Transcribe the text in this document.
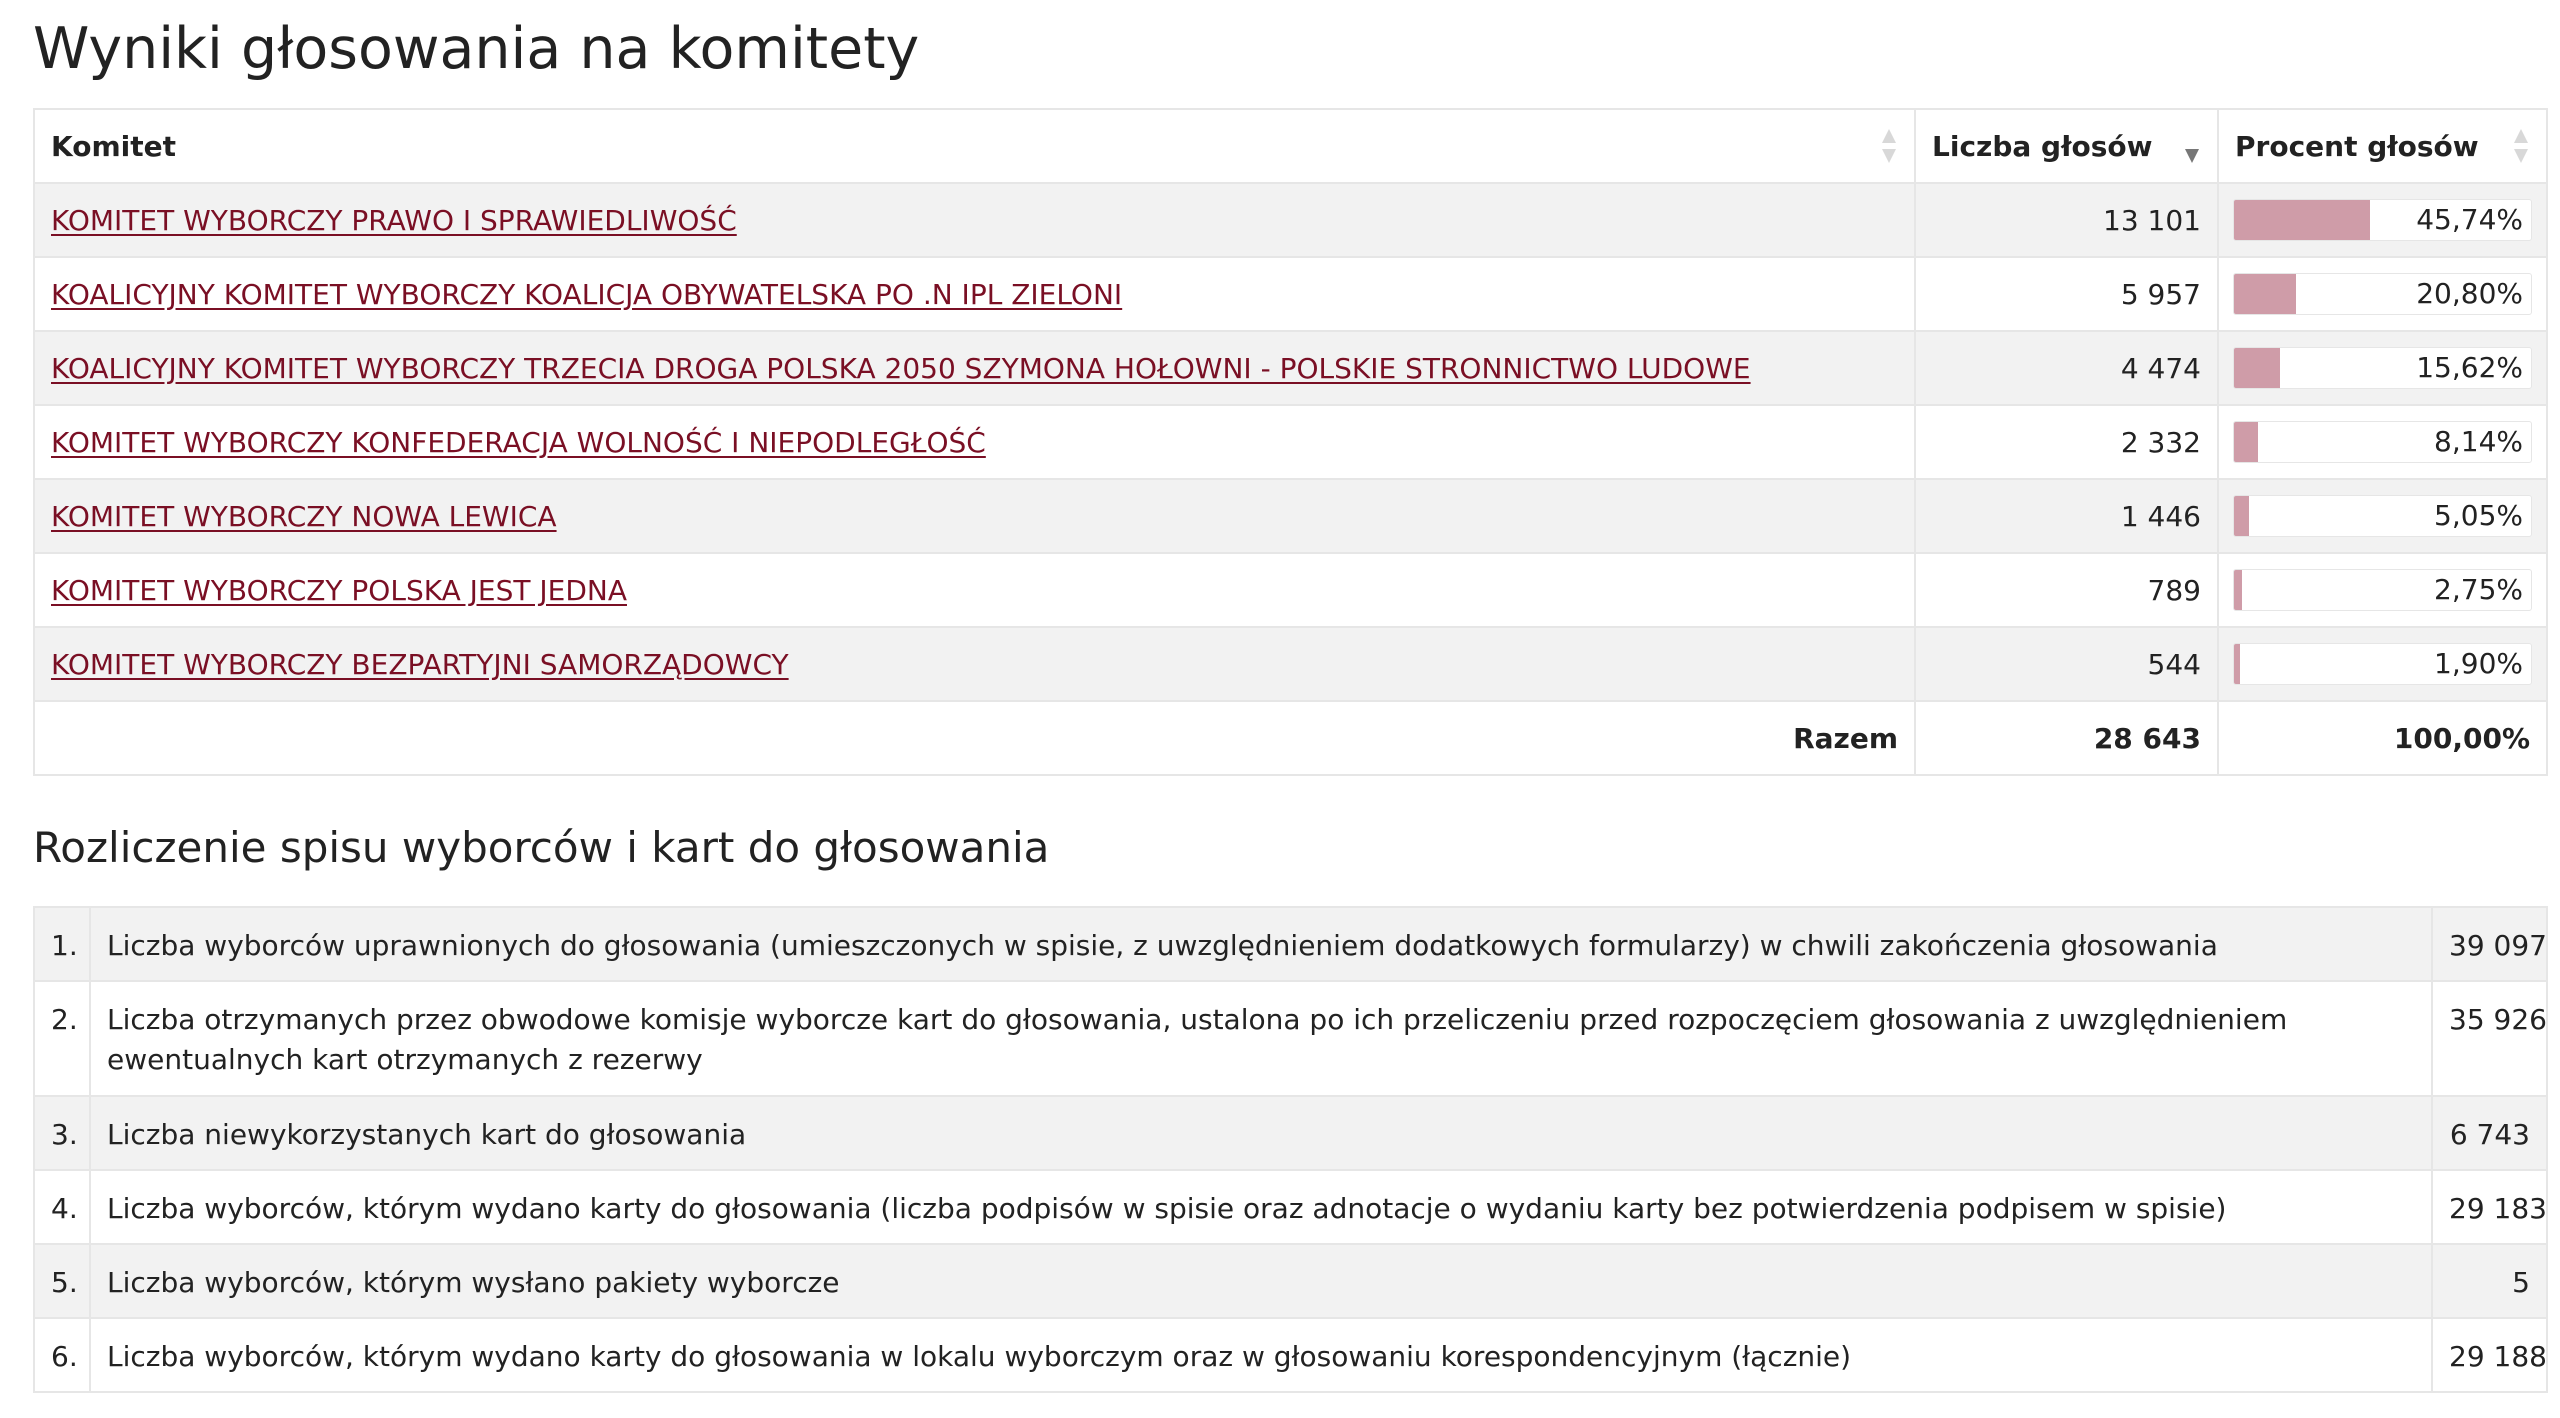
Wyniki głosowania na komitety
Komitet	Liczba głosów	Procent głosów

KOMITET WYBORCZY PRAWO I SPRAWIEDLIWOŚĆ	13 101	45,74%

KOALICYJNY KOMITET WYBORCZY KOALICJA OBYWATELSKA PO .N IPL ZIELONI	5 957	20,80%

KOALICYJNY KOMITET WYBORCZY TRZECIA DROGA POLSKA 2050 SZYMONA HOŁOWNI - POLSKIE STRONNICTWO LUDOWE	4 474	15,62%

KOMITET WYBORCZY KONFEDERACJA WOLNOŚĆ I NIEPODLEGŁOŚĆ	2 332	8,14%

KOMITET WYBORCZY NOWA LEWICA	1 446	5,05%

KOMITET WYBORCZY POLSKA JEST JEDNA	789	2,75%

KOMITET WYBORCZY BEZPARTYJNI SAMORZĄDOWCY	544	1,90%

Razem	28 643	100,00%
Rozliczenie spisu wyborców i kart do głosowania
1.	Liczba wyborców uprawnionych do głosowania (umieszczonych w spisie, z uwzględnieniem dodatkowych formularzy) w chwili zakończenia głosowania	39 097
2.	Liczba otrzymanych przez obwodowe komisje wyborcze kart do głosowania, ustalona po ich przeliczeniu przed rozpoczęciem głosowania z uwzględnieniem ewentualnych kart otrzymanych z rezerwy	35 926
3.	Liczba niewykorzystanych kart do głosowania	6 743
4.	Liczba wyborców, którym wydano karty do głosowania (liczba podpisów w spisie oraz adnotacje o wydaniu karty bez potwierdzenia podpisem w spisie)	29 183
5.	Liczba wyborców, którym wysłano pakiety wyborcze	5
6.	Liczba wyborców, którym wydano karty do głosowania w lokalu wyborczym oraz w głosowaniu korespondencyjnym (łącznie)	29 188
